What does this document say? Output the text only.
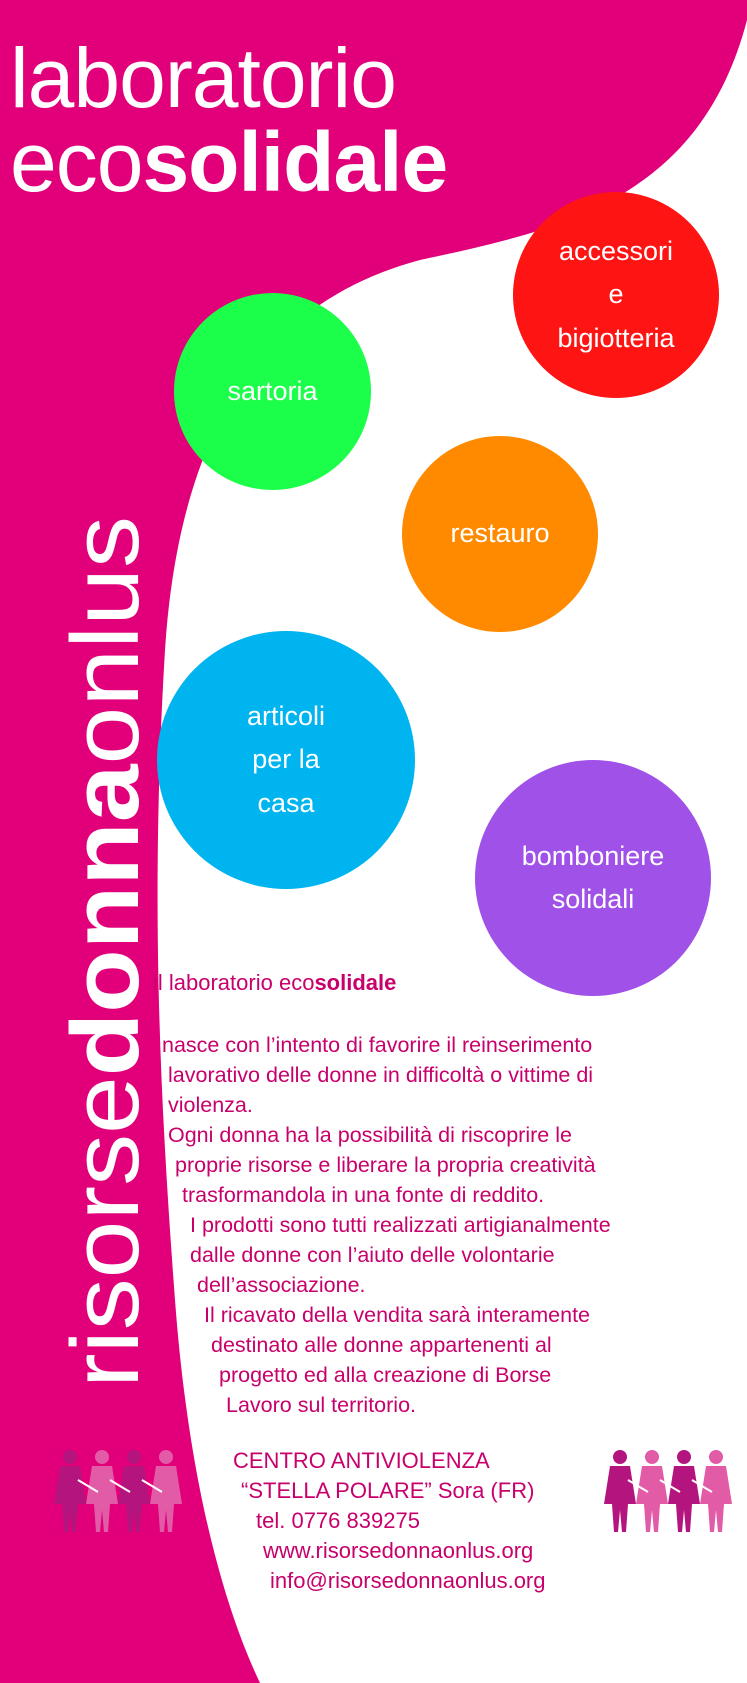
laboratorio
ecosolidale
risorsedonnaonlus
accessori
e
bigiotteria
sartoria
restauro
articoli
per la
casa
bomboniere
solidali
il laboratorio ecosolidale
nasce con l’intento di favorire il reinserimento
lavorativo delle donne in difficoltà o vittime di
violenza.
Ogni donna ha la possibilità di riscoprire le
proprie risorse e liberare la propria creatività
trasformandola in una fonte di reddito.
I prodotti sono tutti realizzati artigianalmente
dalle donne con l’aiuto delle volontarie
dell’associazione.
Il ricavato della vendita sarà interamente
destinato alle donne appartenenti al
progetto ed alla creazione di Borse
Lavoro sul territorio.
CENTRO ANTIVIOLENZA
“STELLA POLARE” Sora (FR)
tel. 0776 839275
www.risorsedonnaonlus.org
info@risorsedonnaonlus.org
